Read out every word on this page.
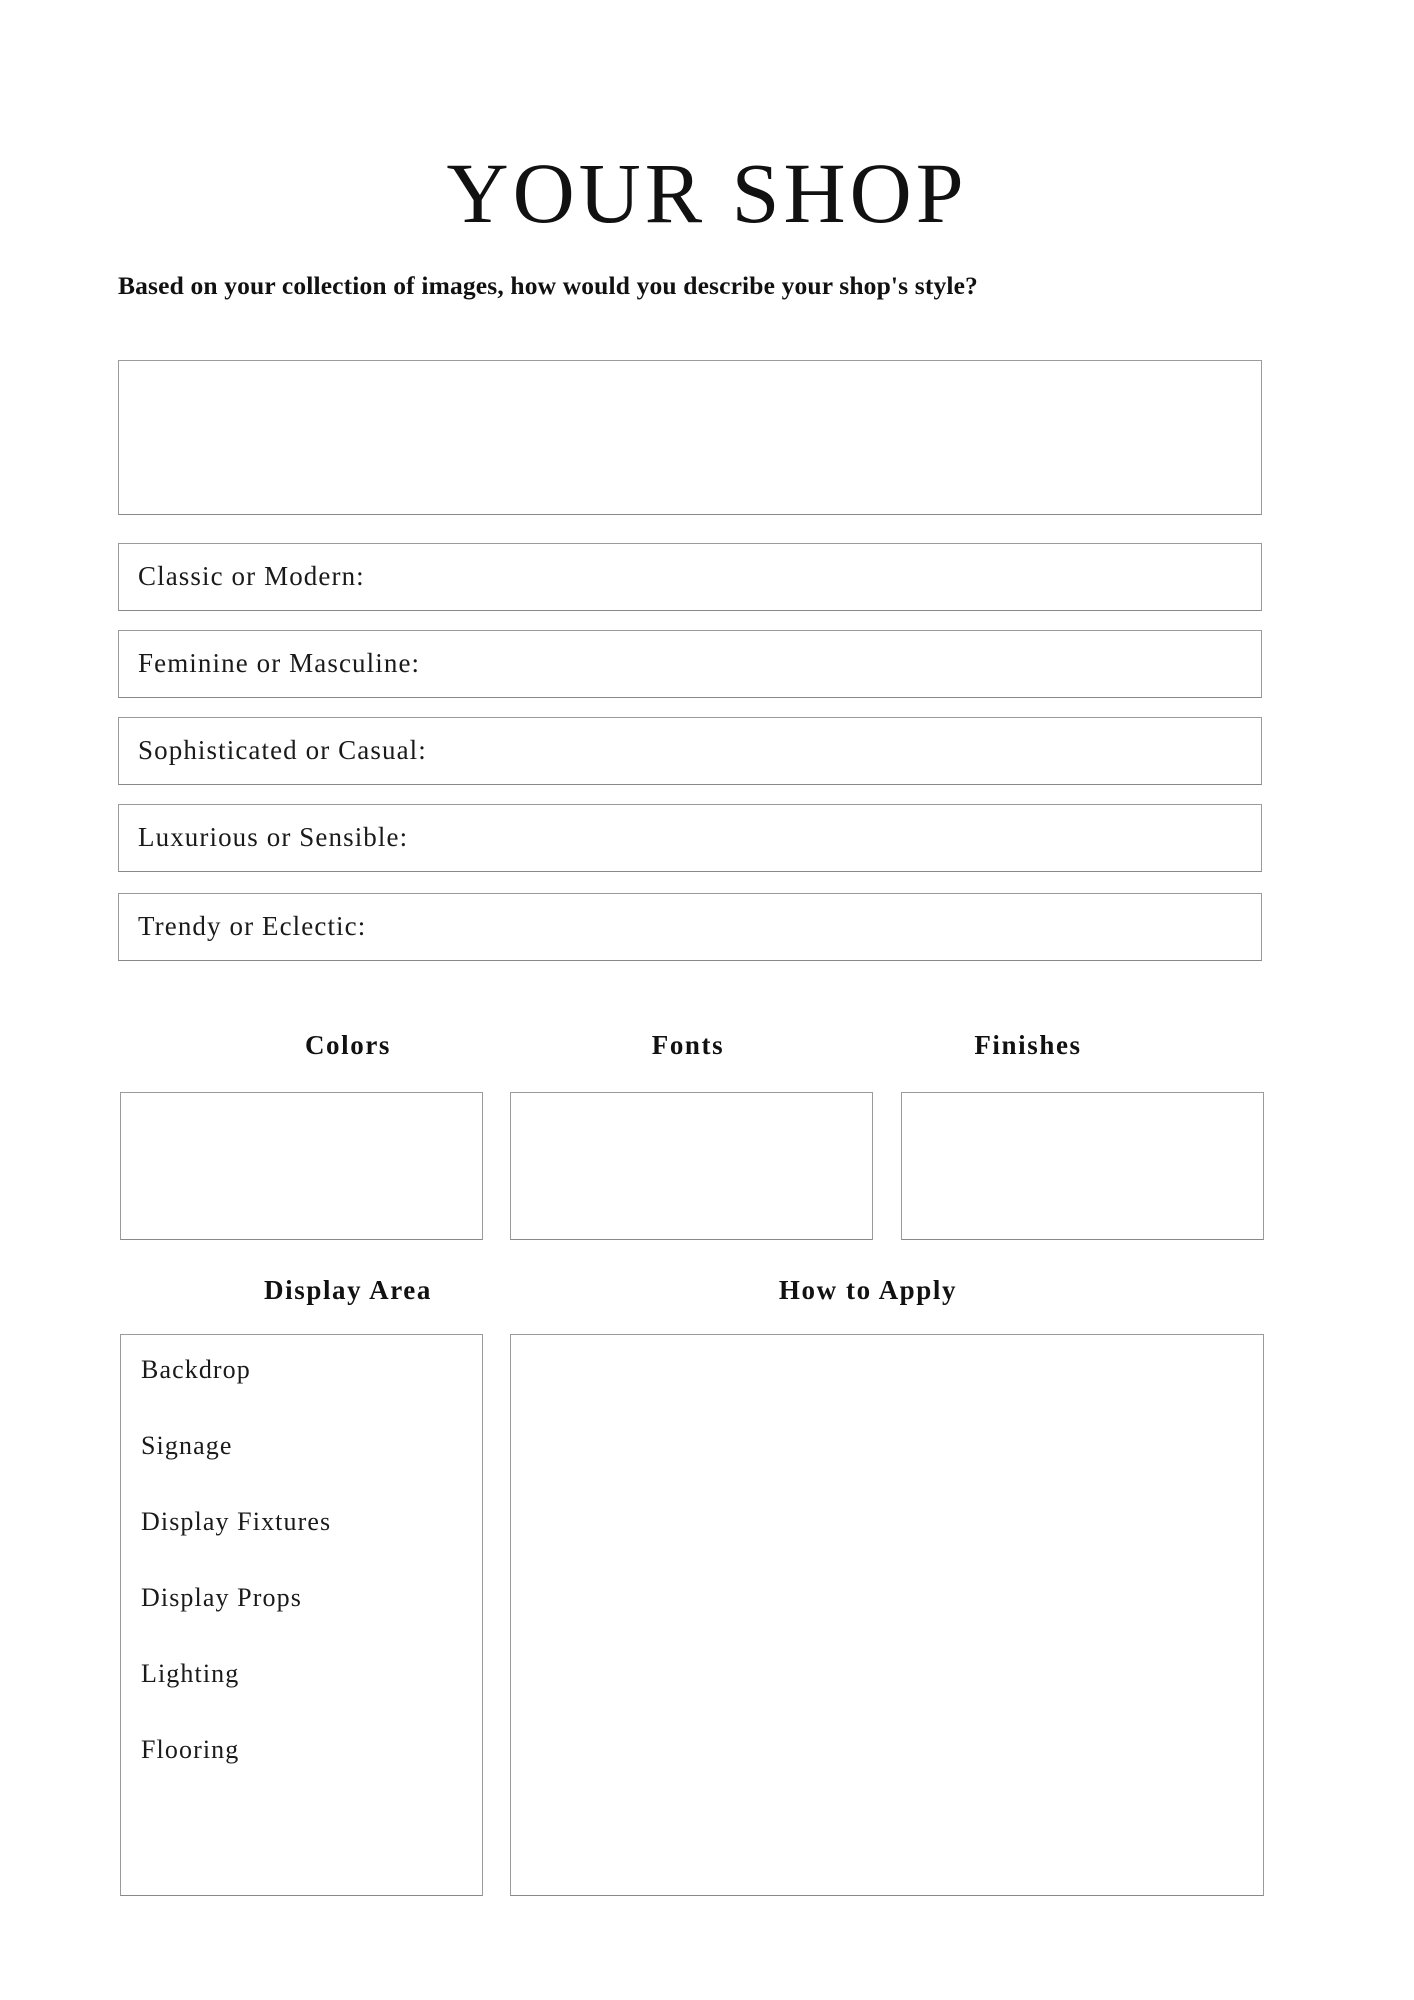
YOUR SHOP
Based on your collection of images, how would you describe your shop's style?
Classic or Modern:
Feminine or Masculine:
Sophisticated or Casual:
Luxurious or Sensible:
Trendy or Eclectic:
Colors	Fonts	Finishes
Display Area	How to Apply
Backdrop
Signage
Display Fixtures
Display Props
Lighting
Flooring
